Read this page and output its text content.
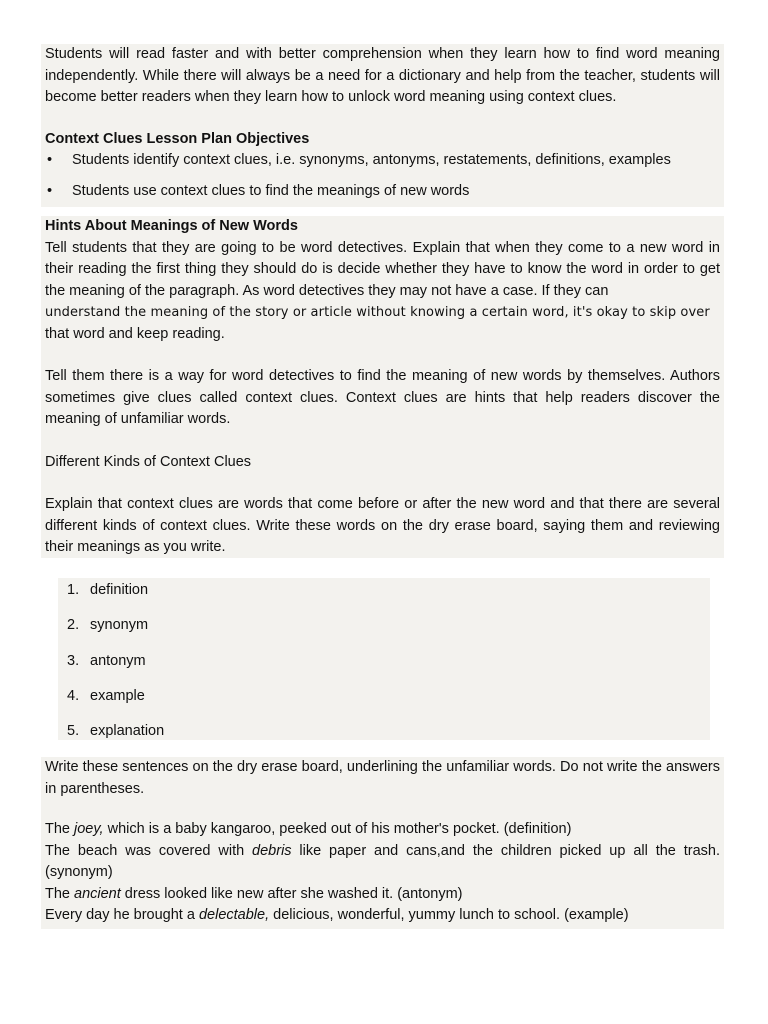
Students will read faster and with better comprehension when they learn how to find word meaning independently. While there will always be a need for a dictionary and help from the teacher, students will become better readers when they learn how to unlock word meaning using context clues.

Context Clues Lesson Plan Objectives

• Students identify context clues, i.e. synonyms, antonyms, restatements, definitions, examples
• Students use context clues to find the meanings of new words

Hints About Meanings of New Words

Tell students that they are going to be word detectives. Explain that when they come to a new word in their reading the first thing they should do is decide whether they have to know the word in order to get the meaning of the paragraph. As word detectives they may not have a case. If they can
understand the meaning of the story or article without knowing a certain word, it's okay to skip over
that word and keep reading.

Tell them there is a way for word detectives to find the meaning of new words by themselves. Authors sometimes give clues called context clues. Context clues are hints that help readers discover the meaning of unfamiliar words.

Different Kinds of Context Clues

Explain that context clues are words that come before or after the new word and that there are several different kinds of context clues. Write these words on the dry erase board, saying them and reviewing their meanings as you write.

1. definition
2. synonym
3. antonym
4. example
5. explanation

Write these sentences on the dry erase board, underlining the unfamiliar words. Do not write the answers in parentheses.

The joey, which is a baby kangaroo, peeked out of his mother's pocket. (definition)

The beach was covered with debris like paper and cans,and the children picked up all the trash. (synonym)

The ancient dress looked like new after she washed it. (antonym)

Every day he brought a delectable, delicious, wonderful, yummy lunch to school. (example)
